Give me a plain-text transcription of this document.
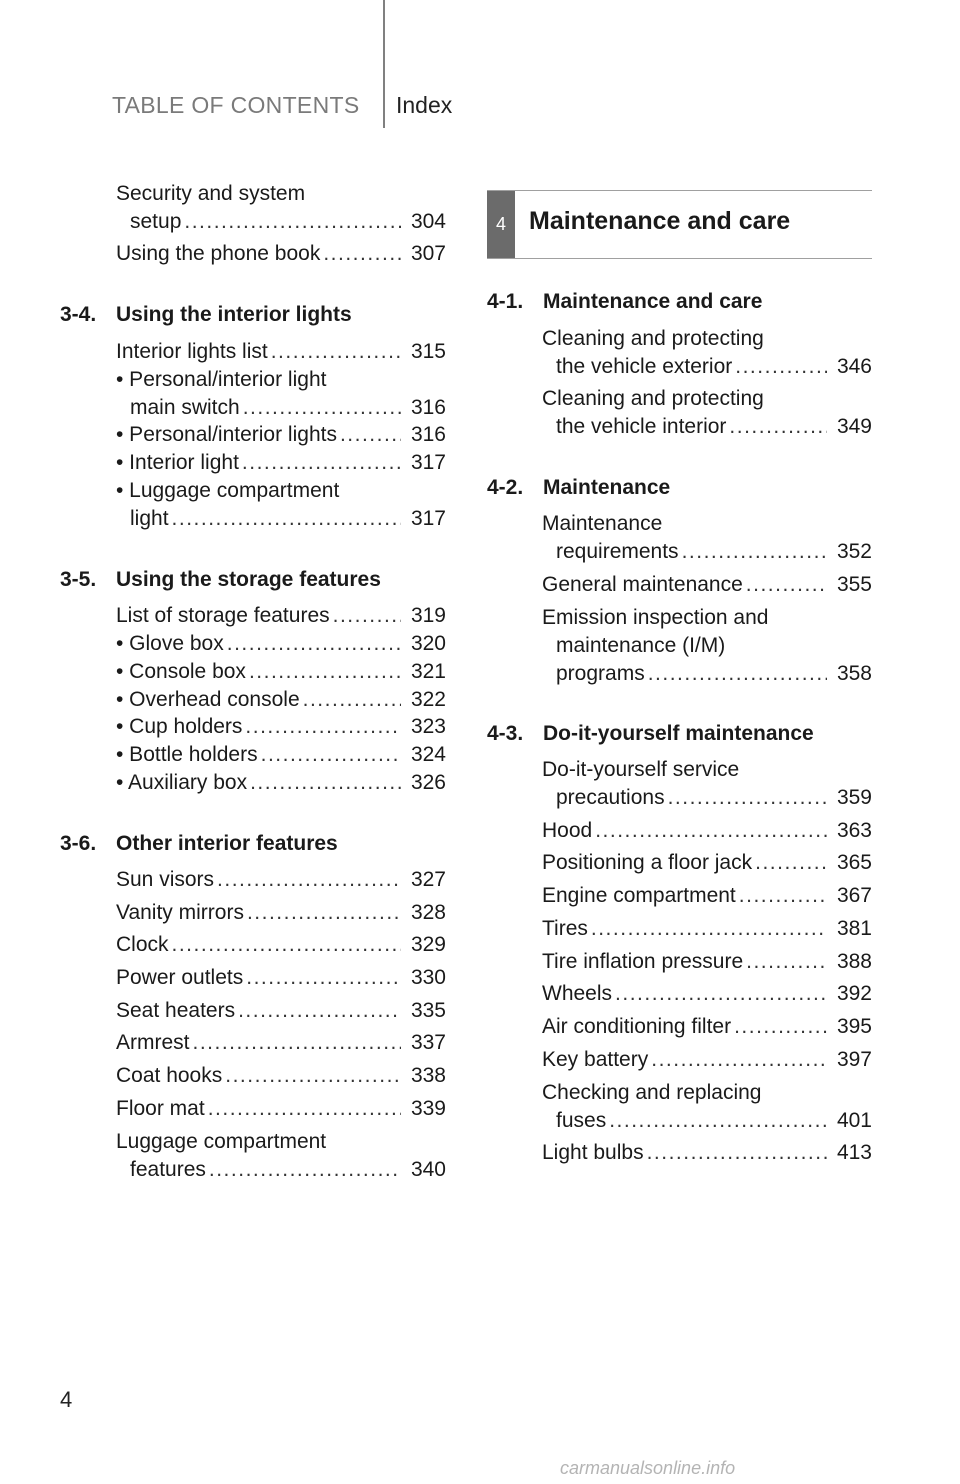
TABLE OF CONTENTS Index
Security and system
setup .....	304
Using the phone book .....	307
3-4. Using the interior lights
Interior lights list .....	315
• Personal/interior light
main switch .....	316
• Personal/interior lights .....	316
• Interior light .....	317
• Luggage compartment
light .....	317
3-5. Using the storage features
List of storage features .....	319
• Glove box .....	320
• Console box .....	321
• Overhead console .....	322
• Cup holders .....	323
• Bottle holders .....	324
• Auxiliary box .....	326
3-6. Other interior features
Sun visors .....	327
Vanity mirrors .....	328
Clock .....	329
Power outlets .....	330
Seat heaters .....	335
Armrest .....	337
Coat hooks .....	338
Floor mat .....	339
Luggage compartment
features .....	340
4 Maintenance and care
4-1. Maintenance and care
Cleaning and protecting
the vehicle exterior .....	346
Cleaning and protecting
the vehicle interior .....	349
4-2. Maintenance
Maintenance
requirements .....	352
General maintenance .....	355
Emission inspection and
maintenance (I/M)
programs .....	358
4-3. Do-it-yourself maintenance
Do-it-yourself service
precautions .....	359
Hood .....	363
Positioning a floor jack .....	365
Engine compartment .....	367
Tires .....	381
Tire inflation pressure .....	388
Wheels .....	392
Air conditioning filter .....	395
Key battery .....	397
Checking and replacing
fuses .....	401
Light bulbs .....	413
4
carmanualsonline.info
